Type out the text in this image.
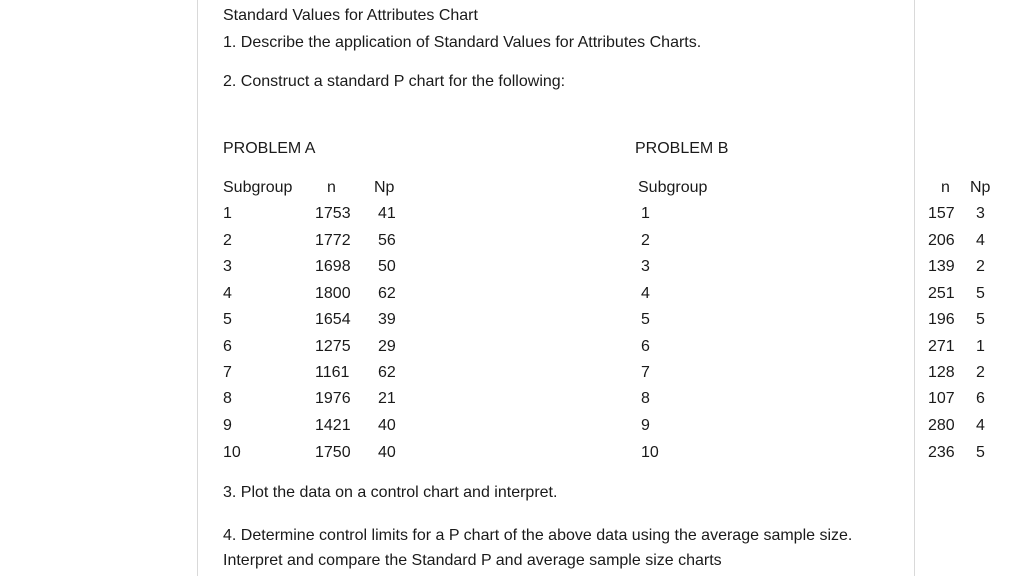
Standard Values for Attributes Chart
1. Describe the application of Standard Values for Attributes Charts.
2. Construct a standard P chart for the following:
PROBLEM A	PROBLEM B
Subgroup n Np
1	1753 41
2	1772 56
3	1698 50
4	1800 62
5	1654 39
6	1275 29
7	1161 62
8	1976 21
9	1421 40
10	1750 40
Subgroup	n Np
1	157 3
2	206 4
3	139 2
4	251 5
5	196 5
6	271 1
7	128 2
8	107 6
9	280 4
10	236 5
3. Plot the data on a control chart and interpret.
4. Determine control limits for a P chart of the above data using the average sample size. Interpret and compare the Standard P and average sample size charts
